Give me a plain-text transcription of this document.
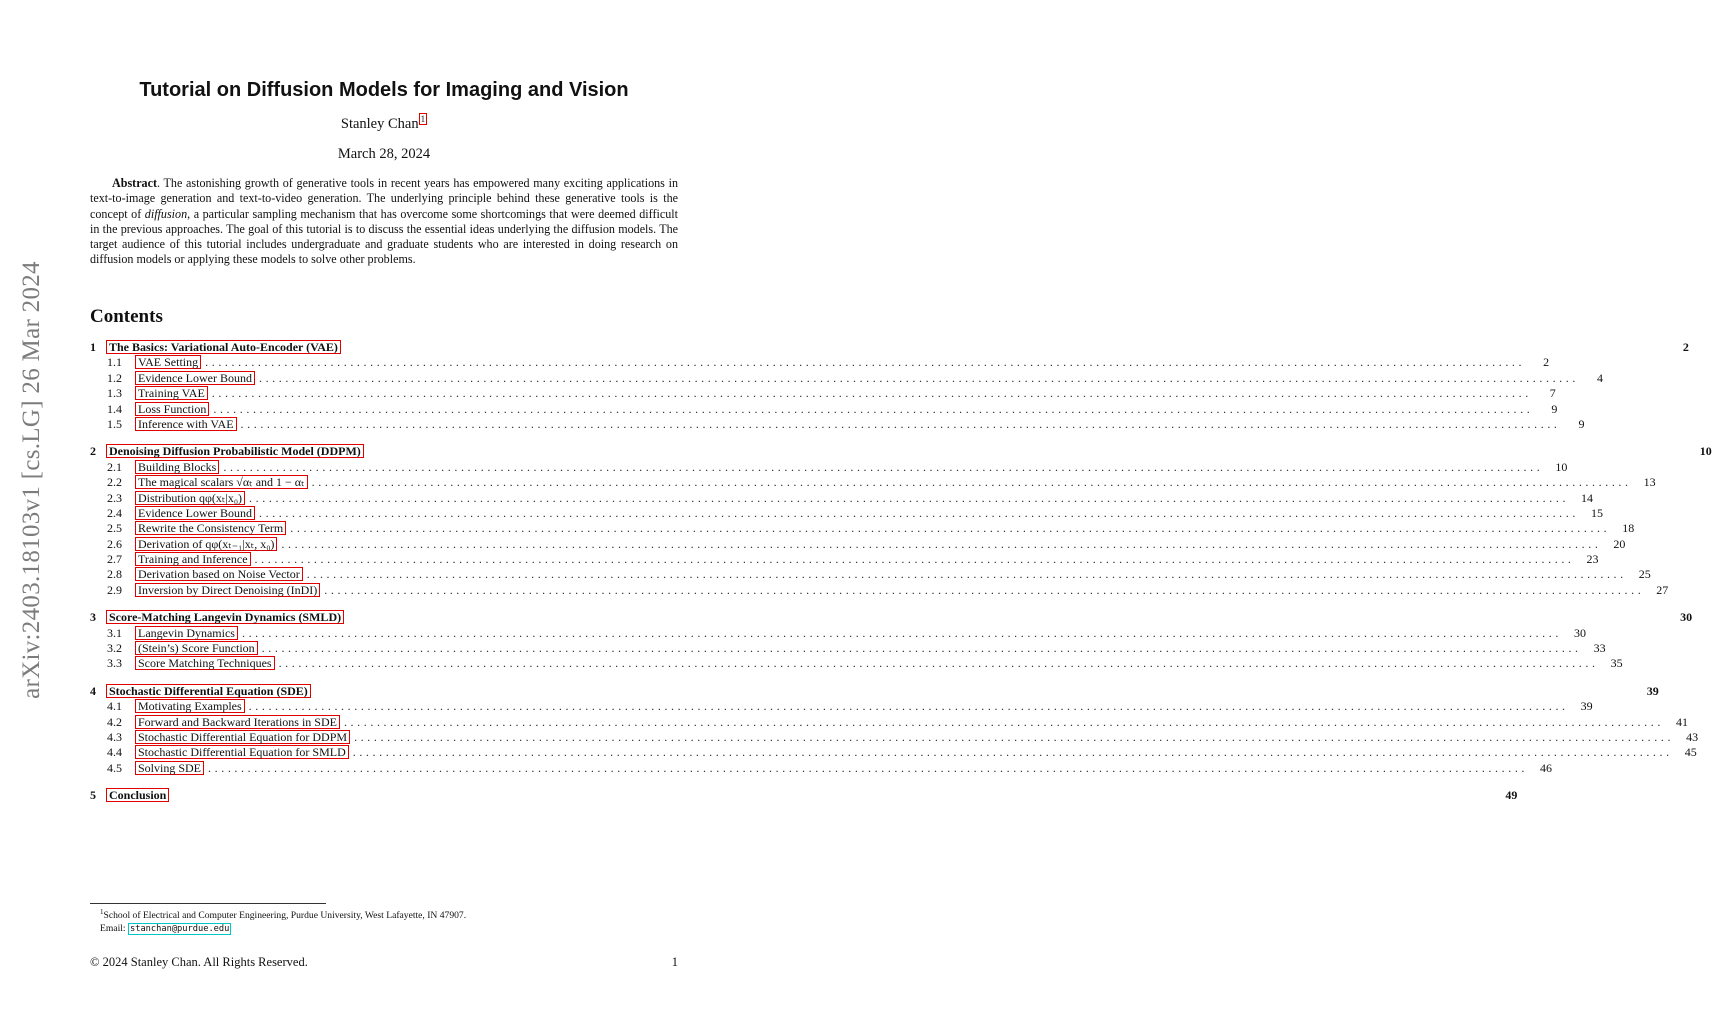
arXiv:2403.18103v1 [cs.LG] 26 Mar 2024
Tutorial on Diffusion Models for Imaging and Vision
Stanley Chan $^1$
March 28, 2024
Abstract. The astonishing growth of generative tools in recent years has empowered many exciting applications in text-to-image generation and text-to-video generation. The underlying principle behind these generative tools is the concept of diffusion, a particular sampling mechanism that has overcome some shortcomings that were deemed difficult in the previous approaches. The goal of this tutorial is to discuss the essential ideas underlying the diffusion models. The target audience of this tutorial includes undergraduate and graduate students who are interested in doing research on diffusion models or applying these models to solve other problems.
Contents
1	The Basics: Variational Auto-Encoder (VAE)	2
1.1	VAE Setting ........................................................................................................................................................................................................	2
1.2	Evidence Lower Bound ........................................................................................................................................................................................................	4
1.3	Training VAE ........................................................................................................................................................................................................	7
1.4	Loss Function ........................................................................................................................................................................................................	9
1.5	Inference with VAE ........................................................................................................................................................................................................	9
2	Denoising Diffusion Probabilistic Model (DDPM)	10
2.1	Building Blocks ........................................................................................................................................................................................................	10
2.2	The magical scalars √αₜ and 1 − αₜ ........................................................................................................................................................................................................	13
2.3	Distribution qφ(xₜ|x₀) ........................................................................................................................................................................................................	14
2.4	Evidence Lower Bound ........................................................................................................................................................................................................	15
2.5	Rewrite the Consistency Term ........................................................................................................................................................................................................	18
2.6	Derivation of qφ(xₜ₋₁|xₜ, x₀) ........................................................................................................................................................................................................	20
2.7	Training and Inference ........................................................................................................................................................................................................	23
2.8	Derivation based on Noise Vector ........................................................................................................................................................................................................	25
2.9	Inversion by Direct Denoising (InDI) ........................................................................................................................................................................................................	27
3	Score-Matching Langevin Dynamics (SMLD)	30
3.1	Langevin Dynamics ........................................................................................................................................................................................................	30
3.2	(Stein’s) Score Function ........................................................................................................................................................................................................	33
3.3	Score Matching Techniques ........................................................................................................................................................................................................	35
4	Stochastic Differential Equation (SDE)	39
4.1	Motivating Examples ........................................................................................................................................................................................................	39
4.2	Forward and Backward Iterations in SDE ........................................................................................................................................................................................................	41
4.3	Stochastic Differential Equation for DDPM ........................................................................................................................................................................................................	43
4.4	Stochastic Differential Equation for SMLD ........................................................................................................................................................................................................	45
4.5	Solving SDE ........................................................................................................................................................................................................	46
5	Conclusion	49
$^1$School of Electrical and Computer Engineering, Purdue University, West Lafayette, IN 47907.
Email: stanchan@purdue.edu
© 2024 Stanley Chan. All Rights Reserved.	1
